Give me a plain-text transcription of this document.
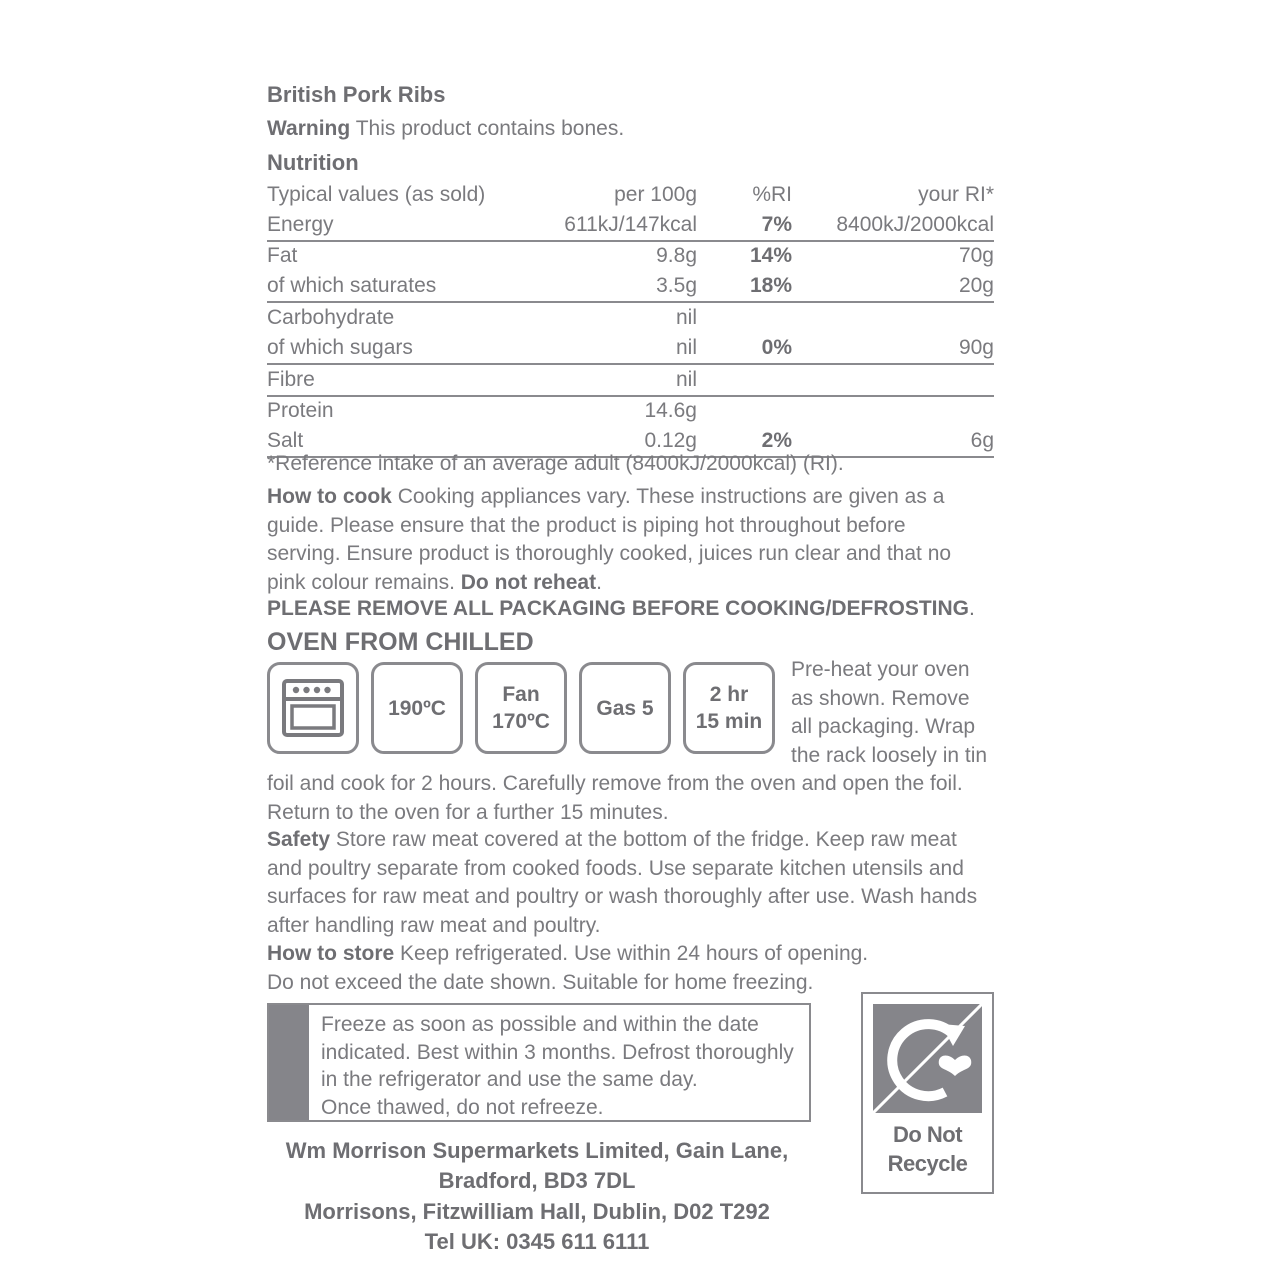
British Pork Ribs
Warning This product contains bones.
Nutrition
Typical values (as sold)	per 100g	%RI	your RI*
Energy	611kJ/147kcal	7%	8400kJ/2000kcal
Fat	9.8g	14%	70g
of which saturates	3.5g	18%	20g
Carbohydrate	nil		
of which sugars	nil	0%	90g
Fibre	nil		
Protein	14.6g		
Salt	0.12g	2%	6g
*Reference intake of an average adult (8400kJ/2000kcal) (RI).
How to cook Cooking appliances vary. These instructions are given as a guide. Please ensure that the product is piping hot throughout before serving. Ensure product is thoroughly cooked, juices run clear and that no pink colour remains. Do not reheat.
PLEASE REMOVE ALL PACKAGING BEFORE COOKING/DEFROSTING.
OVEN FROM CHILLED
190ºC
Fan
170ºC
Gas 5
2 hr
15 min
Pre-heat your oven as shown. Remove all packaging. Wrap the rack loosely in tin
foil and cook for 2 hours. Carefully remove from the oven and open the foil. Return to the oven for a further 15 minutes.
Safety Store raw meat covered at the bottom of the fridge. Keep raw meat and poultry separate from cooked foods. Use separate kitchen utensils and surfaces for raw meat and poultry or wash thoroughly after use. Wash hands after handling raw meat and poultry.
How to store Keep refrigerated. Use within 24 hours of opening.
Do not exceed the date shown. Suitable for home freezing.
Freeze as soon as possible and within the date
indicated. Best within 3 months. Defrost thoroughly
in the refrigerator and use the same day.
Once thawed, do not refreeze.
Do Not
Recycle
Wm Morrison Supermarkets Limited, Gain Lane,
Bradford, BD3 7DL
Morrisons, Fitzwilliam Hall, Dublin, D02 T292
Tel UK: 0345 611 6111
